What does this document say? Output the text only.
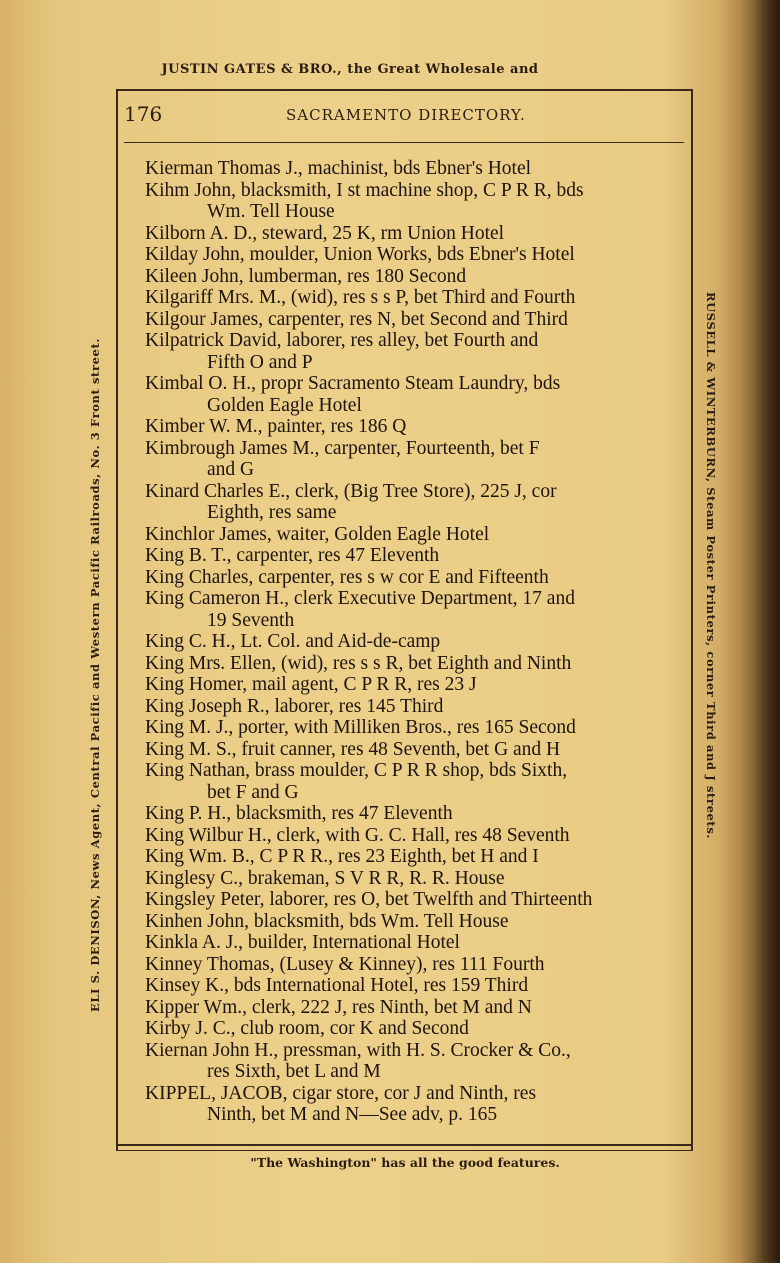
JUSTIN GATES & BRO., the Great Wholesale and
176	SACRAMENTO DIRECTORY.
ELI S. DENISON, News Agent, Central Pacific and Western Pacific Railroads, No. 3 Front street.	RUSSELL & WINTERBURN, Steam Poster Printers, corner Third and J streets.
Kierman Thomas J., machinist, bds Ebner's Hotel
Kihm John, blacksmith, I st machine shop, C P R R, bds
Wm. Tell House
Kilborn A. D., steward, 25 K, rm Union Hotel
Kilday John, moulder, Union Works, bds Ebner's Hotel
Kileen John, lumberman, res 180 Second
Kilgariff Mrs. M., (wid), res s s P, bet Third and Fourth
Kilgour James, carpenter, res N, bet Second and Third
Kilpatrick David, laborer, res alley, bet Fourth and
Fifth O and P
Kimbal O. H., propr Sacramento Steam Laundry, bds
Golden Eagle Hotel
Kimber W. M., painter, res 186 Q
Kimbrough James M., carpenter, Fourteenth, bet F
and G
Kinard Charles E., clerk, (Big Tree Store), 225 J, cor
Eighth, res same
Kinchlor James, waiter, Golden Eagle Hotel
King B. T., carpenter, res 47 Eleventh
King Charles, carpenter, res s w cor E and Fifteenth
King Cameron H., clerk Executive Department, 17 and
19 Seventh
King C. H., Lt. Col. and Aid-de-camp
King Mrs. Ellen, (wid), res s s R, bet Eighth and Ninth
King Homer, mail agent, C P R R, res 23 J
King Joseph R., laborer, res 145 Third
King M. J., porter, with Milliken Bros., res 165 Second
King M. S., fruit canner, res 48 Seventh, bet G and H
King Nathan, brass moulder, C P R R shop, bds Sixth,
bet F and G
King P. H., blacksmith, res 47 Eleventh
King Wilbur H., clerk, with G. C. Hall, res 48 Seventh
King Wm. B., C P R R., res 23 Eighth, bet H and I
Kinglesy C., brakeman, S V R R, R. R. House
Kingsley Peter, laborer, res O, bet Twelfth and Thirteenth
Kinhen John, blacksmith, bds Wm. Tell House
Kinkla A. J., builder, International Hotel
Kinney Thomas, (Lusey & Kinney), res 111 Fourth
Kinsey K., bds International Hotel, res 159 Third
Kipper Wm., clerk, 222 J, res Ninth, bet M and N
Kirby J. C., club room, cor K and Second
Kiernan John H., pressman, with H. S. Crocker & Co.,
res Sixth, bet L and M
KIPPEL, JACOB, cigar store, cor J and Ninth, res
Ninth, bet M and N—See adv, p. 165
"The Washington" has all the good features.
